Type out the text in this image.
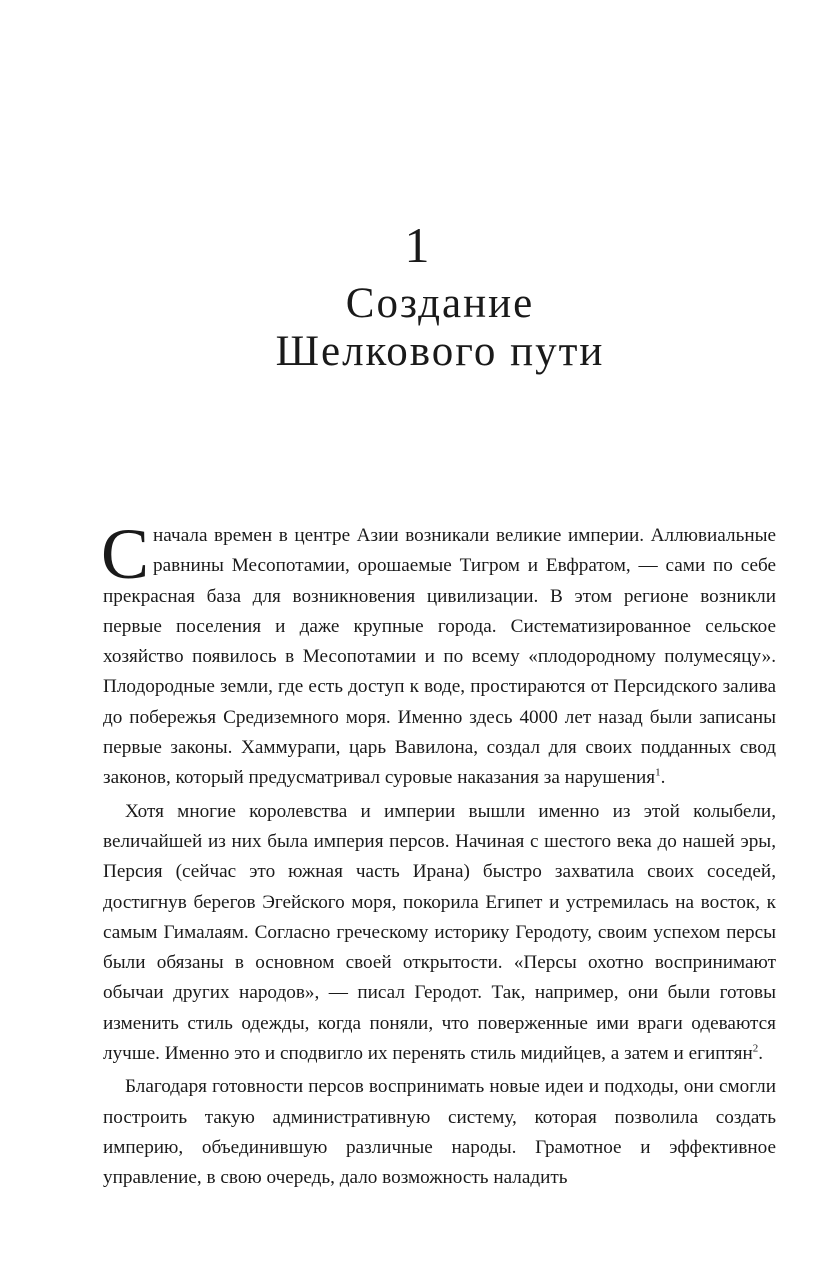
1
Создание
Шелкового пути

Сначала времен в центре Азии возникали великие империи. Аллювиальные равнины Месопотамии, орошаемые Тигром и Евфратом, — сами по себе прекрасная база для возникновения цивилизации. В этом регионе возникли первые поселения и даже крупные города. Систематизированное сельское хозяйство появилось в Месопотамии и по всему «плодородному полумесяцу». Плодородные земли, где есть доступ к воде, простираются от Персидского залива до побережья Средиземного моря. Именно здесь 4000 лет назад были записаны первые законы. Хаммурапи, царь Вавилона, создал для своих подданных свод законов, который предусматривал суровые наказания за нарушения$^1$.

Хотя многие королевства и империи вышли именно из этой колыбели, величайшей из них была империя персов. Начиная с шестого века до нашей эры, Персия (сейчас это южная часть Ирана) быстро захватила своих соседей, достигнув берегов Эгейского моря, покорила Египет и устремилась на восток, к самым Гималаям. Согласно греческому историку Геродоту, своим успехом персы были обязаны в основном своей открытости. «Персы охотно воспринимают обычаи других народов», — писал Геродот. Так, например, они были готовы изменить стиль одежды, когда поняли, что поверженные ими враги одеваются лучше. Именно это и сподвигло их перенять стиль мидийцев, а затем и египтян$^2$.

Благодаря готовности персов воспринимать новые идеи и подходы, они смогли построить такую административную систему, которая позволила создать империю, объединившую различные народы. Грамотное и эффективное управление, в свою очередь, дало возможность наладить
